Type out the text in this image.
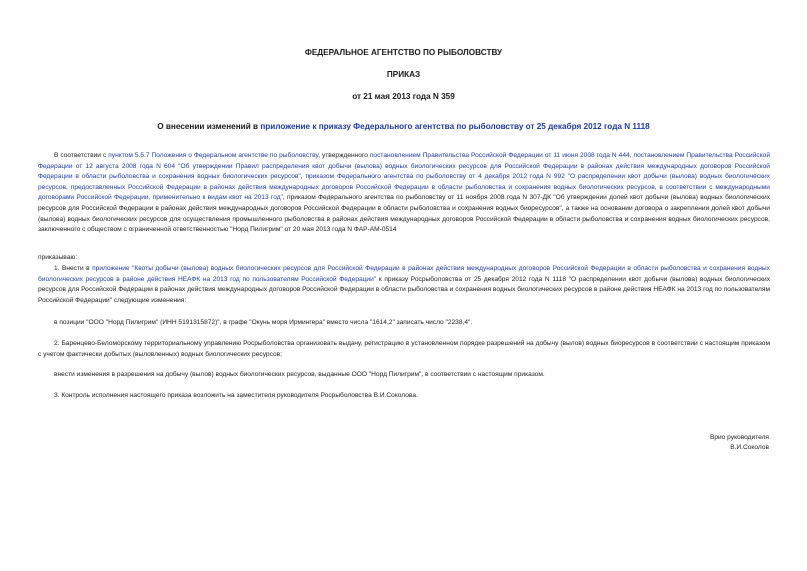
ФЕДЕРАЛЬНОЕ АГЕНТСТВО ПО РЫБОЛОВСТВУ
ПРИКАЗ
от 21 мая 2013 года N 359
О внесении изменений в приложение к приказу Федерального агентства по рыболовству от 25 декабря 2012 года N 1118

В соответствии с пунктом 5.5.7 Положения о Федеральном агентстве по рыболовству, утвержденного постановлением Правительства Российской Федерации от 11 июня 2008 года N 444, постановлением Правительства Российской Федерации от 12 августа 2008 года N 604 "Об утверждении Правил распределения квот добычи (вылова) водных биологических ресурсов для Российской Федерации в районах действия международных договоров Российской Федерации в области рыболовства и сохранения водных биологических ресурсов", приказом Федерального агентства по рыболовству от 4 декабря 2012 года N 992 "О распределении квот добычи (вылова) водных биологических ресурсов, предоставленных Российской Федерации в районах действия международных договоров Российской Федерации в области рыболовства и сохранения водных биологических ресурсов, в соответствии с международными договорами Российской Федерации, применительно к видам квот на 2013 год", приказом Федерального агентства по рыболовству от 11 ноября 2008 года N 307-ДК "Об утверждении долей квот добычи (вылова) водных биологических ресурсов для Российской Федерации в районах действия международных договоров Российской Федерации в области рыболовства и сохранения водных биоресурсов", а также на основании договора о закреплении долей квот добычи (вылова) водных биологических ресурсов для осуществления промышленного рыболовства в районах действия международных договоров Российской Федерации в области рыболовства и сохранения водных биологических ресурсов, заключенного с обществом с ограниченной ответственностью "Норд Пилигрим" от 20 мая 2013 года N ФАР-АМ-0514

приказываю:

1. Внести в приложение "Квоты добычи (вылова) водных биологических ресурсов для Российской Федерации в районах действия международных договоров Российской Федерации в области рыболовства и сохранения водных биологических ресурсов в районе действия НЕАФК на 2013 год по пользователям Российской Федерации" к приказу Росрыболовства от 25 декабря 2012 года N 1118 "О распределении квот добычи (вылова) водных биологических ресурсов для Российской Федерации в районах действия международных договоров Российской Федерации в области рыболовства и сохранения водных биологических ресурсов в районе действия НЕАФК на 2013 год по пользователям Российской Федерации" следующие изменения:

в позиции "ООО "Норд Пилигрим" (ИНН 5191315872)", в графе "Окунь моря Ирмингера" вместо числа "1614,2" записать число "2238,4".

2. Баренцево-Беломорскому территориальному управлению Росрыболовства организовать выдачу, регистрацию в установленном порядке разрешений на добычу (вылов) водных биоресурсов в соответствии с настоящим приказом с учетом фактически добытых (выловленных) водных биологических ресурсов;

внести изменения в разрешения на добычу (вылов) водных биологических ресурсов, выданные ООО "Норд Пилигрим", в соответствии с настоящим приказом.

3. Контроль исполнения настоящего приказа возложить на заместителя руководителя Росрыболовства В.И.Соколова.

Врио руководителя
В.И.Соколов
